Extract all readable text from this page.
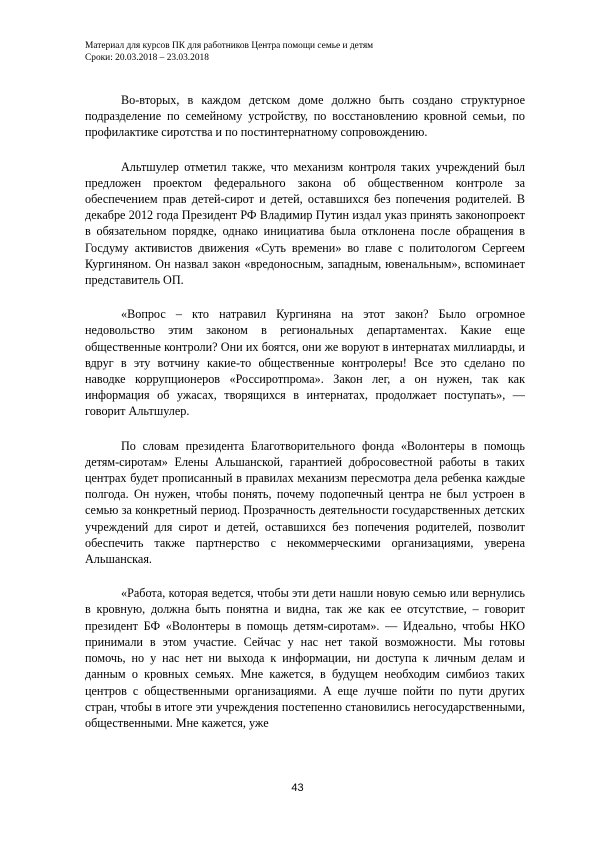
Материал для курсов ПК для работников Центра помощи семье и детям
Сроки: 20.03.2018 – 23.03.2018

Во-вторых, в каждом детском доме должно быть создано структурное подразделение по семейному устройству, по восстановлению кровной семьи, по профилактике сиротства и по постинтернатному сопровождению.

Альтшулер отметил также, что механизм контроля таких учреждений был предложен проектом федерального закона об общественном контроле за обеспечением прав детей-сирот и детей, оставшихся без попечения родителей. В декабре 2012 года Президент РФ Владимир Путин издал указ принять законопроект в обязательном порядке, однако инициатива была отклонена после обращения в Госдуму активистов движения «Суть времени» во главе с политологом Сергеем Кургиняном. Он назвал закон «вредоносным, западным, ювенальным», вспоминает представитель ОП.

«Вопрос – кто натравил Кургиняна на этот закон? Было огромное недовольство этим законом в региональных департаментах. Какие еще общественные контроли? Они их боятся, они же воруют в интернатах миллиарды, и вдруг в эту вотчину какие-то общественные контролеры! Все это сделано по наводке коррупционеров «Россиротпрома». Закон лег, а он нужен, так как информация об ужасах, творящихся в интернатах, продолжает поступать», — говорит Альтшулер.

По словам президента Благотворительного фонда «Волонтеры в помощь детям-сиротам» Елены Альшанской, гарантией добросовестной работы в таких центрах будет прописанный в правилах механизм пересмотра дела ребенка каждые полгода. Он нужен, чтобы понять, почему подопечный центра не был устроен в семью за конкретный период. Прозрачность деятельности государственных детских учреждений для сирот и детей, оставшихся без попечения родителей, позволит обеспечить также партнерство с некоммерческими организациями, уверена Альшанская.

«Работа, которая ведется, чтобы эти дети нашли новую семью или вернулись в кровную, должна быть понятна и видна, так же как ее отсутствие, – говорит президент БФ «Волонтеры в помощь детям-сиротам». — Идеально, чтобы НКО принимали в этом участие. Сейчас у нас нет такой возможности. Мы готовы помочь, но у нас нет ни выхода к информации, ни доступа к личным делам и данным о кровных семьях. Мне кажется, в будущем необходим симбиоз таких центров с общественными организациями. А еще лучше пойти по пути других стран, чтобы в итоге эти учреждения постепенно становились негосударственными, общественными. Мне кажется, уже

43
